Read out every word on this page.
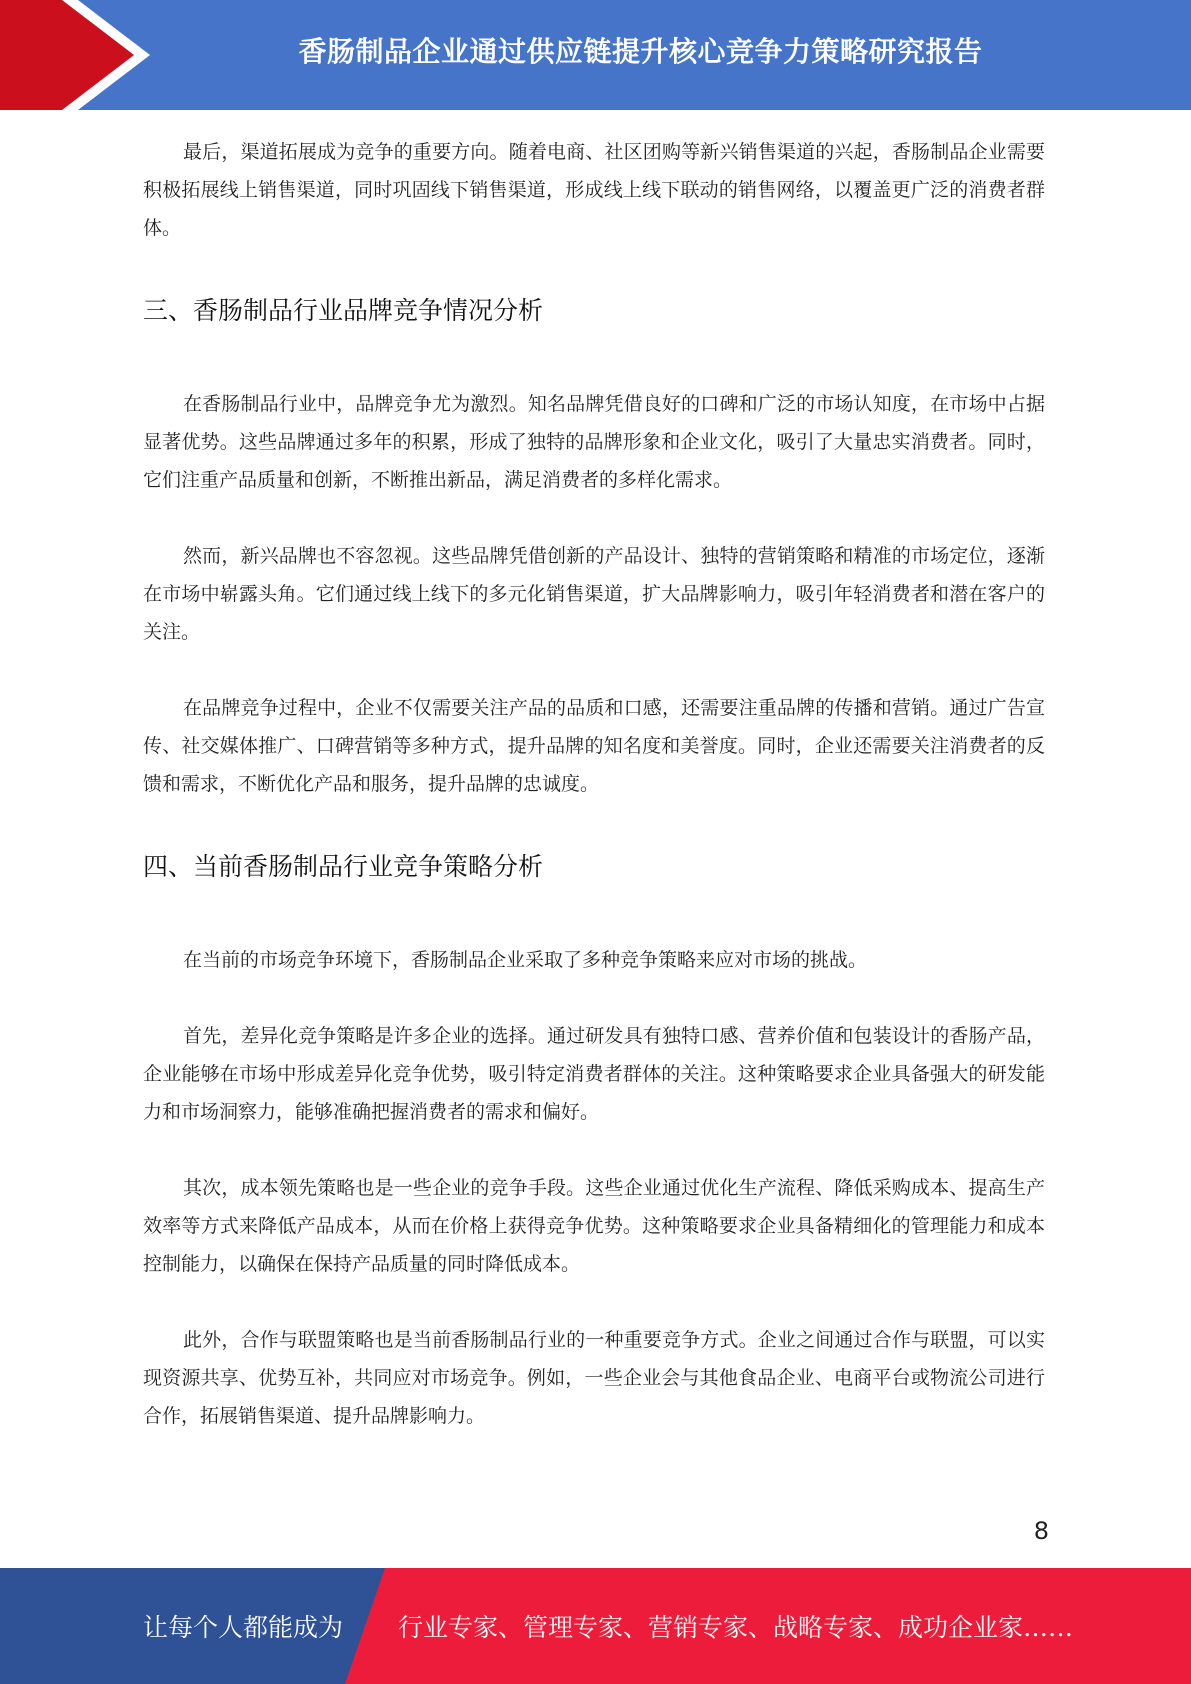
香肠制品企业通过供应链提升核心竞争力策略研究报告

最后，渠道拓展成为竞争的重要方向。随着电商、社区团购等新兴销售渠道的兴起，香肠制品企业需要积极拓展线上销售渠道，同时巩固线下销售渠道，形成线上线下联动的销售网络，以覆盖更广泛的消费者群体。

三、香肠制品行业品牌竞争情况分析

在香肠制品行业中，品牌竞争尤为激烈。知名品牌凭借良好的口碑和广泛的市场认知度，在市场中占据显著优势。这些品牌通过多年的积累，形成了独特的品牌形象和企业文化，吸引了大量忠实消费者。同时，它们注重产品质量和创新，不断推出新品，满足消费者的多样化需求。

然而，新兴品牌也不容忽视。这些品牌凭借创新的产品设计、独特的营销策略和精准的市场定位，逐渐在市场中崭露头角。它们通过线上线下的多元化销售渠道，扩大品牌影响力，吸引年轻消费者和潜在客户的关注。

在品牌竞争过程中，企业不仅需要关注产品的品质和口感，还需要注重品牌的传播和营销。通过广告宣传、社交媒体推广、口碑营销等多种方式，提升品牌的知名度和美誉度。同时，企业还需要关注消费者的反馈和需求，不断优化产品和服务，提升品牌的忠诚度。

四、当前香肠制品行业竞争策略分析

在当前的市场竞争环境下，香肠制品企业采取了多种竞争策略来应对市场的挑战。

首先，差异化竞争策略是许多企业的选择。通过研发具有独特口感、营养价值和包装设计的香肠产品，企业能够在市场中形成差异化竞争优势，吸引特定消费者群体的关注。这种策略要求企业具备强大的研发能力和市场洞察力，能够准确把握消费者的需求和偏好。

其次，成本领先策略也是一些企业的竞争手段。这些企业通过优化生产流程、降低采购成本、提高生产效率等方式来降低产品成本，从而在价格上获得竞争优势。这种策略要求企业具备精细化的管理能力和成本控制能力，以确保在保持产品质量的同时降低成本。

此外，合作与联盟策略也是当前香肠制品行业的一种重要竞争方式。企业之间通过合作与联盟，可以实现资源共享、优势互补，共同应对市场竞争。例如，一些企业会与其他食品企业、电商平台或物流公司进行合作，拓展销售渠道、提升品牌影响力。

8
让每个人都能成为 行业专家、管理专家、营销专家、战略专家、成功企业家……
